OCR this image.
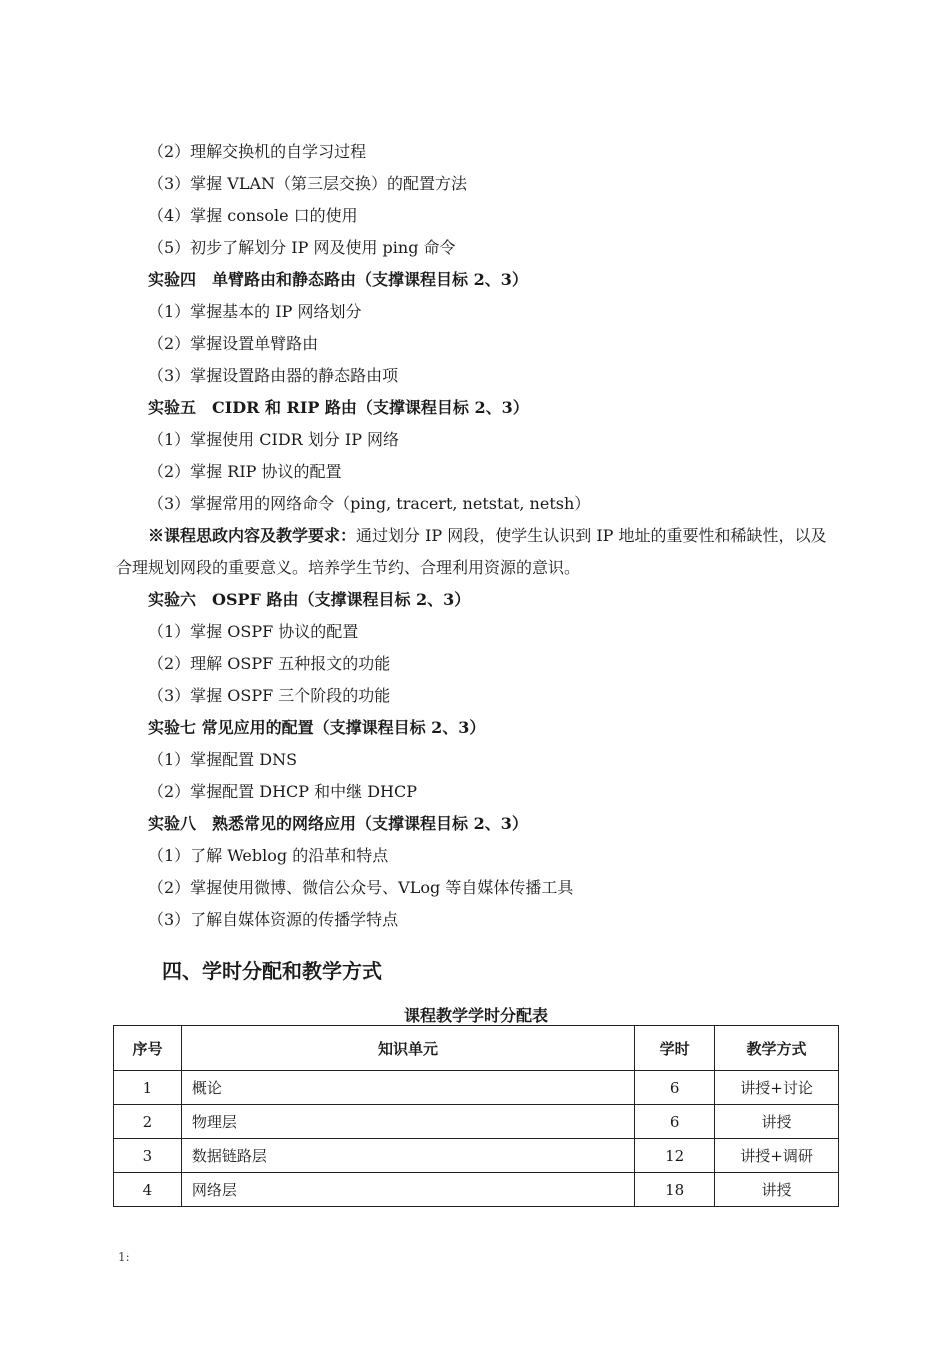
（2）理解交换机的自学习过程
（3）掌握 VLAN（第三层交换）的配置方法
（4）掌握 console 口的使用
（5）初步了解划分 IP 网及使用 ping 命令
实验四　单臂路由和静态路由（支撑课程目标 2、3）
（1）掌握基本的 IP 网络划分
（2）掌握设置单臂路由
（3）掌握设置路由器的静态路由项
实验五　CIDR 和 RIP 路由（支撑课程目标 2、3）
（1）掌握使用 CIDR 划分 IP 网络
（2）掌握 RIP 协议的配置
（3）掌握常用的网络命令（ping, tracert, netstat, netsh）
※课程思政内容及教学要求：通过划分 IP 网段，使学生认识到 IP 地址的重要性和稀缺性，以及合理规划网段的重要意义。培养学生节约、合理利用资源的意识。
实验六　OSPF 路由（支撑课程目标 2、3）
（1）掌握 OSPF 协议的配置
（2）理解 OSPF 五种报文的功能
（3）掌握 OSPF 三个阶段的功能
实验七 常见应用的配置（支撑课程目标 2、3）
（1）掌握配置 DNS
（2）掌握配置 DHCP 和中继 DHCP
实验八　熟悉常见的网络应用（支撑课程目标 2、3）
（1）了解 Weblog 的沿革和特点
（2）掌握使用微博、微信公众号、VLog 等自媒体传播工具
（3）了解自媒体资源的传播学特点
四、学时分配和教学方式
课程教学学时分配表
序号	知识单元	学时	教学方式
1	概论	6	讲授+讨论
2	物理层	6	讲授
3	数据链路层	12	讲授+调研
4	网络层	18	讲授
1:
